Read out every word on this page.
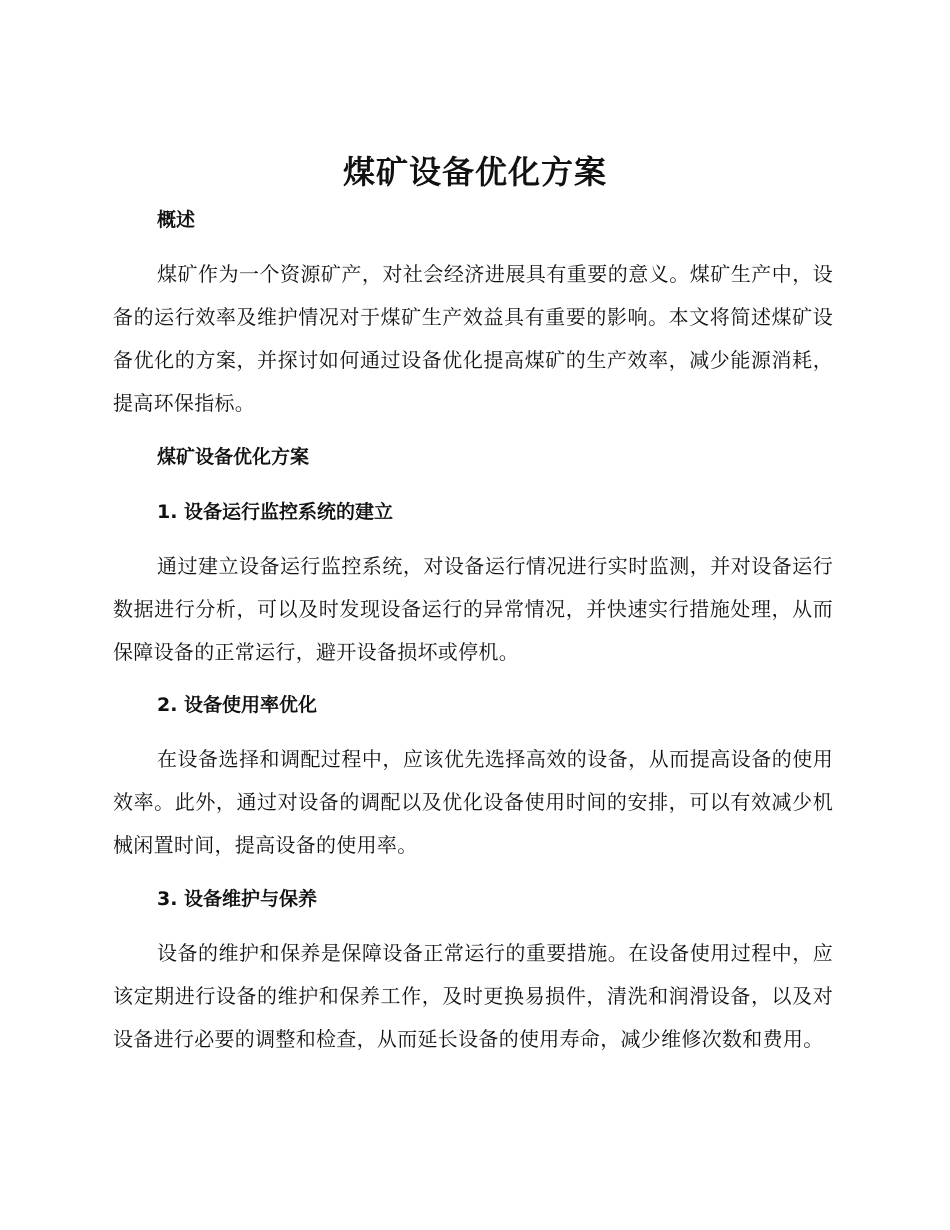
煤矿设备优化方案
概述
煤矿作为一个资源矿产，对社会经济进展具有重要的意义。煤矿生产中，设备的运行效率及维护情况对于煤矿生产效益具有重要的影响。本文将简述煤矿设备优化的方案，并探讨如何通过设备优化提高煤矿的生产效率，减少能源消耗，提高环保指标。
煤矿设备优化方案
1. 设备运行监控系统的建立
通过建立设备运行监控系统，对设备运行情况进行实时监测，并对设备运行数据进行分析，可以及时发现设备运行的异常情况，并快速实行措施处理，从而保障设备的正常运行，避开设备损坏或停机。
2. 设备使用率优化
在设备选择和调配过程中，应该优先选择高效的设备，从而提高设备的使用效率。此外，通过对设备的调配以及优化设备使用时间的安排，可以有效减少机械闲置时间，提高设备的使用率。
3. 设备维护与保养
设备的维护和保养是保障设备正常运行的重要措施。在设备使用过程中，应该定期进行设备的维护和保养工作，及时更换易损件，清洗和润滑设备，以及对设备进行必要的调整和检查，从而延长设备的使用寿命，减少维修次数和费用。
